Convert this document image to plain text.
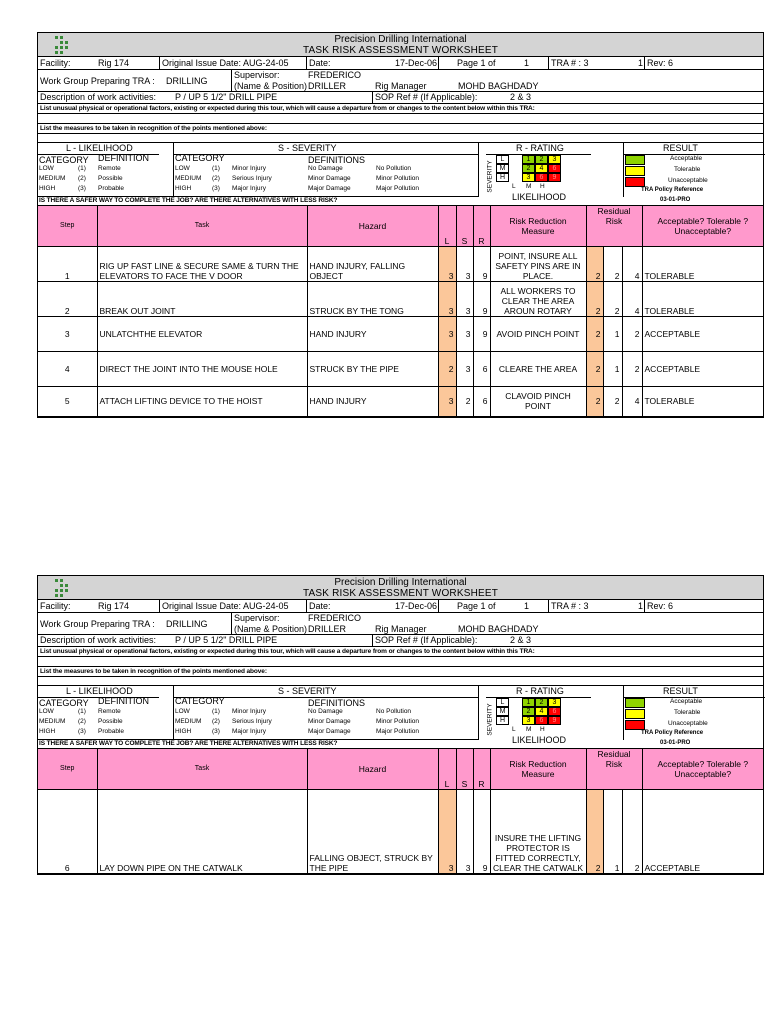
Precision Drilling International
TASK RISK ASSESSMENT WORKSHEET
Facility:	Rig 174	Original Issue Date: AUG-24-05 Date:	17-Dec-06 Page 1 of	1 TRA # : 3	1 Rev: 6
Work Group Preparing TRA : DRILLING
Supervisor:
(Name & Position)
FREDERICO
DRILLER	Rig Manager	MOHD BAGHDADY
Description of work activities: P / UP 5 1/2" DRILL PIPE	SOP Ref # (If Applicable):	2 & 3
List unusual physical or operational factors, existing or expected during this tour, which will cause a departure from or changes to the content below within this TRA:
List the measures to be taken in recognition of the points mentioned above:
L - LIKELIHOOD	S - SEVERITY	R - RATING	RESULT
CATEGORY DEFINITION	CATEGORY	DEFINITIONS
LOW	(1) Remote
MEDIUM (2) Possible
HIGH	(3) Probable
LOW	(1) Minor Injury	No Damage	No Pollution
MEDIUM (2) Serious Injury	Minor Damage	Minor Pollution
HIGH	(3) Major Injury	Major Damage	Major Pollution	SEVERITY
L	1	2	3
M	2	4	6
H	3	6	9
L M H
LIKELIHOOD
Acceptable
Tolerable
Unacceptable
TRA Policy Reference
03-01-PRO
IS THERE A SAFER WAY TO COMPLETE THE JOB? ARE THERE ALTERNATIVES WITH LESS RISK?
Step	Task	Hazard	L	S	R	Risk Reduction Measure	Residual Risk			Acceptable? Tolerable ? Unacceptable?
1	RIG UP FAST LINE & SECURE SAME & TURN THE ELEVATORS TO FACE THE V DOOR	HAND INJURY, FALLING OBJECT	3	3	9	POINT, INSURE ALL SAFETY PINS ARE IN PLACE.	2	2	4	TOLERABLE
2	BREAK OUT JOINT	STRUCK BY THE TONG	3	3	9	ALL WORKERS TO CLEAR THE AREA AROUN ROTARY	2	2	4	TOLERABLE
3	UNLATCHTHE ELEVATOR	HAND INJURY	3	3	9	AVOID PINCH POINT	2	1	2	ACCEPTABLE
4	DIRECT THE JOINT INTO THE MOUSE HOLE	STRUCK BY THE PIPE	2	3	6	CLEARE THE AREA	2	1	2	ACCEPTABLE
5	ATTACH LIFTING DEVICE TO THE HOIST	HAND INJURY	3	2	6	CLAVOID PINCH POINT	2	2	4	TOLERABLE
Precision Drilling International
TASK RISK ASSESSMENT WORKSHEET
Facility:	Rig 174	Original Issue Date: AUG-24-05 Date:	17-Dec-06 Page 1 of	1 TRA # : 3	1 Rev: 6
Work Group Preparing TRA : DRILLING
Supervisor:
(Name & Position)
FREDERICO
DRILLER	Rig Manager	MOHD BAGHDADY
Description of work activities: P / UP 5 1/2" DRILL PIPE	SOP Ref # (If Applicable):	2 & 3
List unusual physical or operational factors, existing or expected during this tour, which will cause a departure from or changes to the content below within this TRA:
List the measures to be taken in recognition of the points mentioned above:
L - LIKELIHOOD	S - SEVERITY	R - RATING	RESULT
CATEGORY DEFINITION	CATEGORY	DEFINITIONS
LOW	(1) Remote
MEDIUM (2) Possible
HIGH	(3) Probable
LOW	(1) Minor Injury	No Damage	No Pollution
MEDIUM (2) Serious Injury	Minor Damage	Minor Pollution
HIGH	(3) Major Injury	Major Damage	Major Pollution	SEVERITY
L	1	2	3
M	2	4	6
H	3	6	9
L M H
LIKELIHOOD
Acceptable
Tolerable
Unacceptable
TRA Policy Reference
03-01-PRO
IS THERE A SAFER WAY TO COMPLETE THE JOB? ARE THERE ALTERNATIVES WITH LESS RISK?
Step	Task	Hazard	L	S	R	Risk Reduction Measure	Residual Risk			Acceptable? Tolerable ? Unacceptable?
6	LAY DOWN PIPE ON THE CATWALK	FALLING OBJECT, STRUCK BY THE PIPE	3	3	9	INSURE THE LIFTING PROTECTOR IS FITTED CORRECTLY, CLEAR THE CATWALK	2	1	2	ACCEPTABLE
